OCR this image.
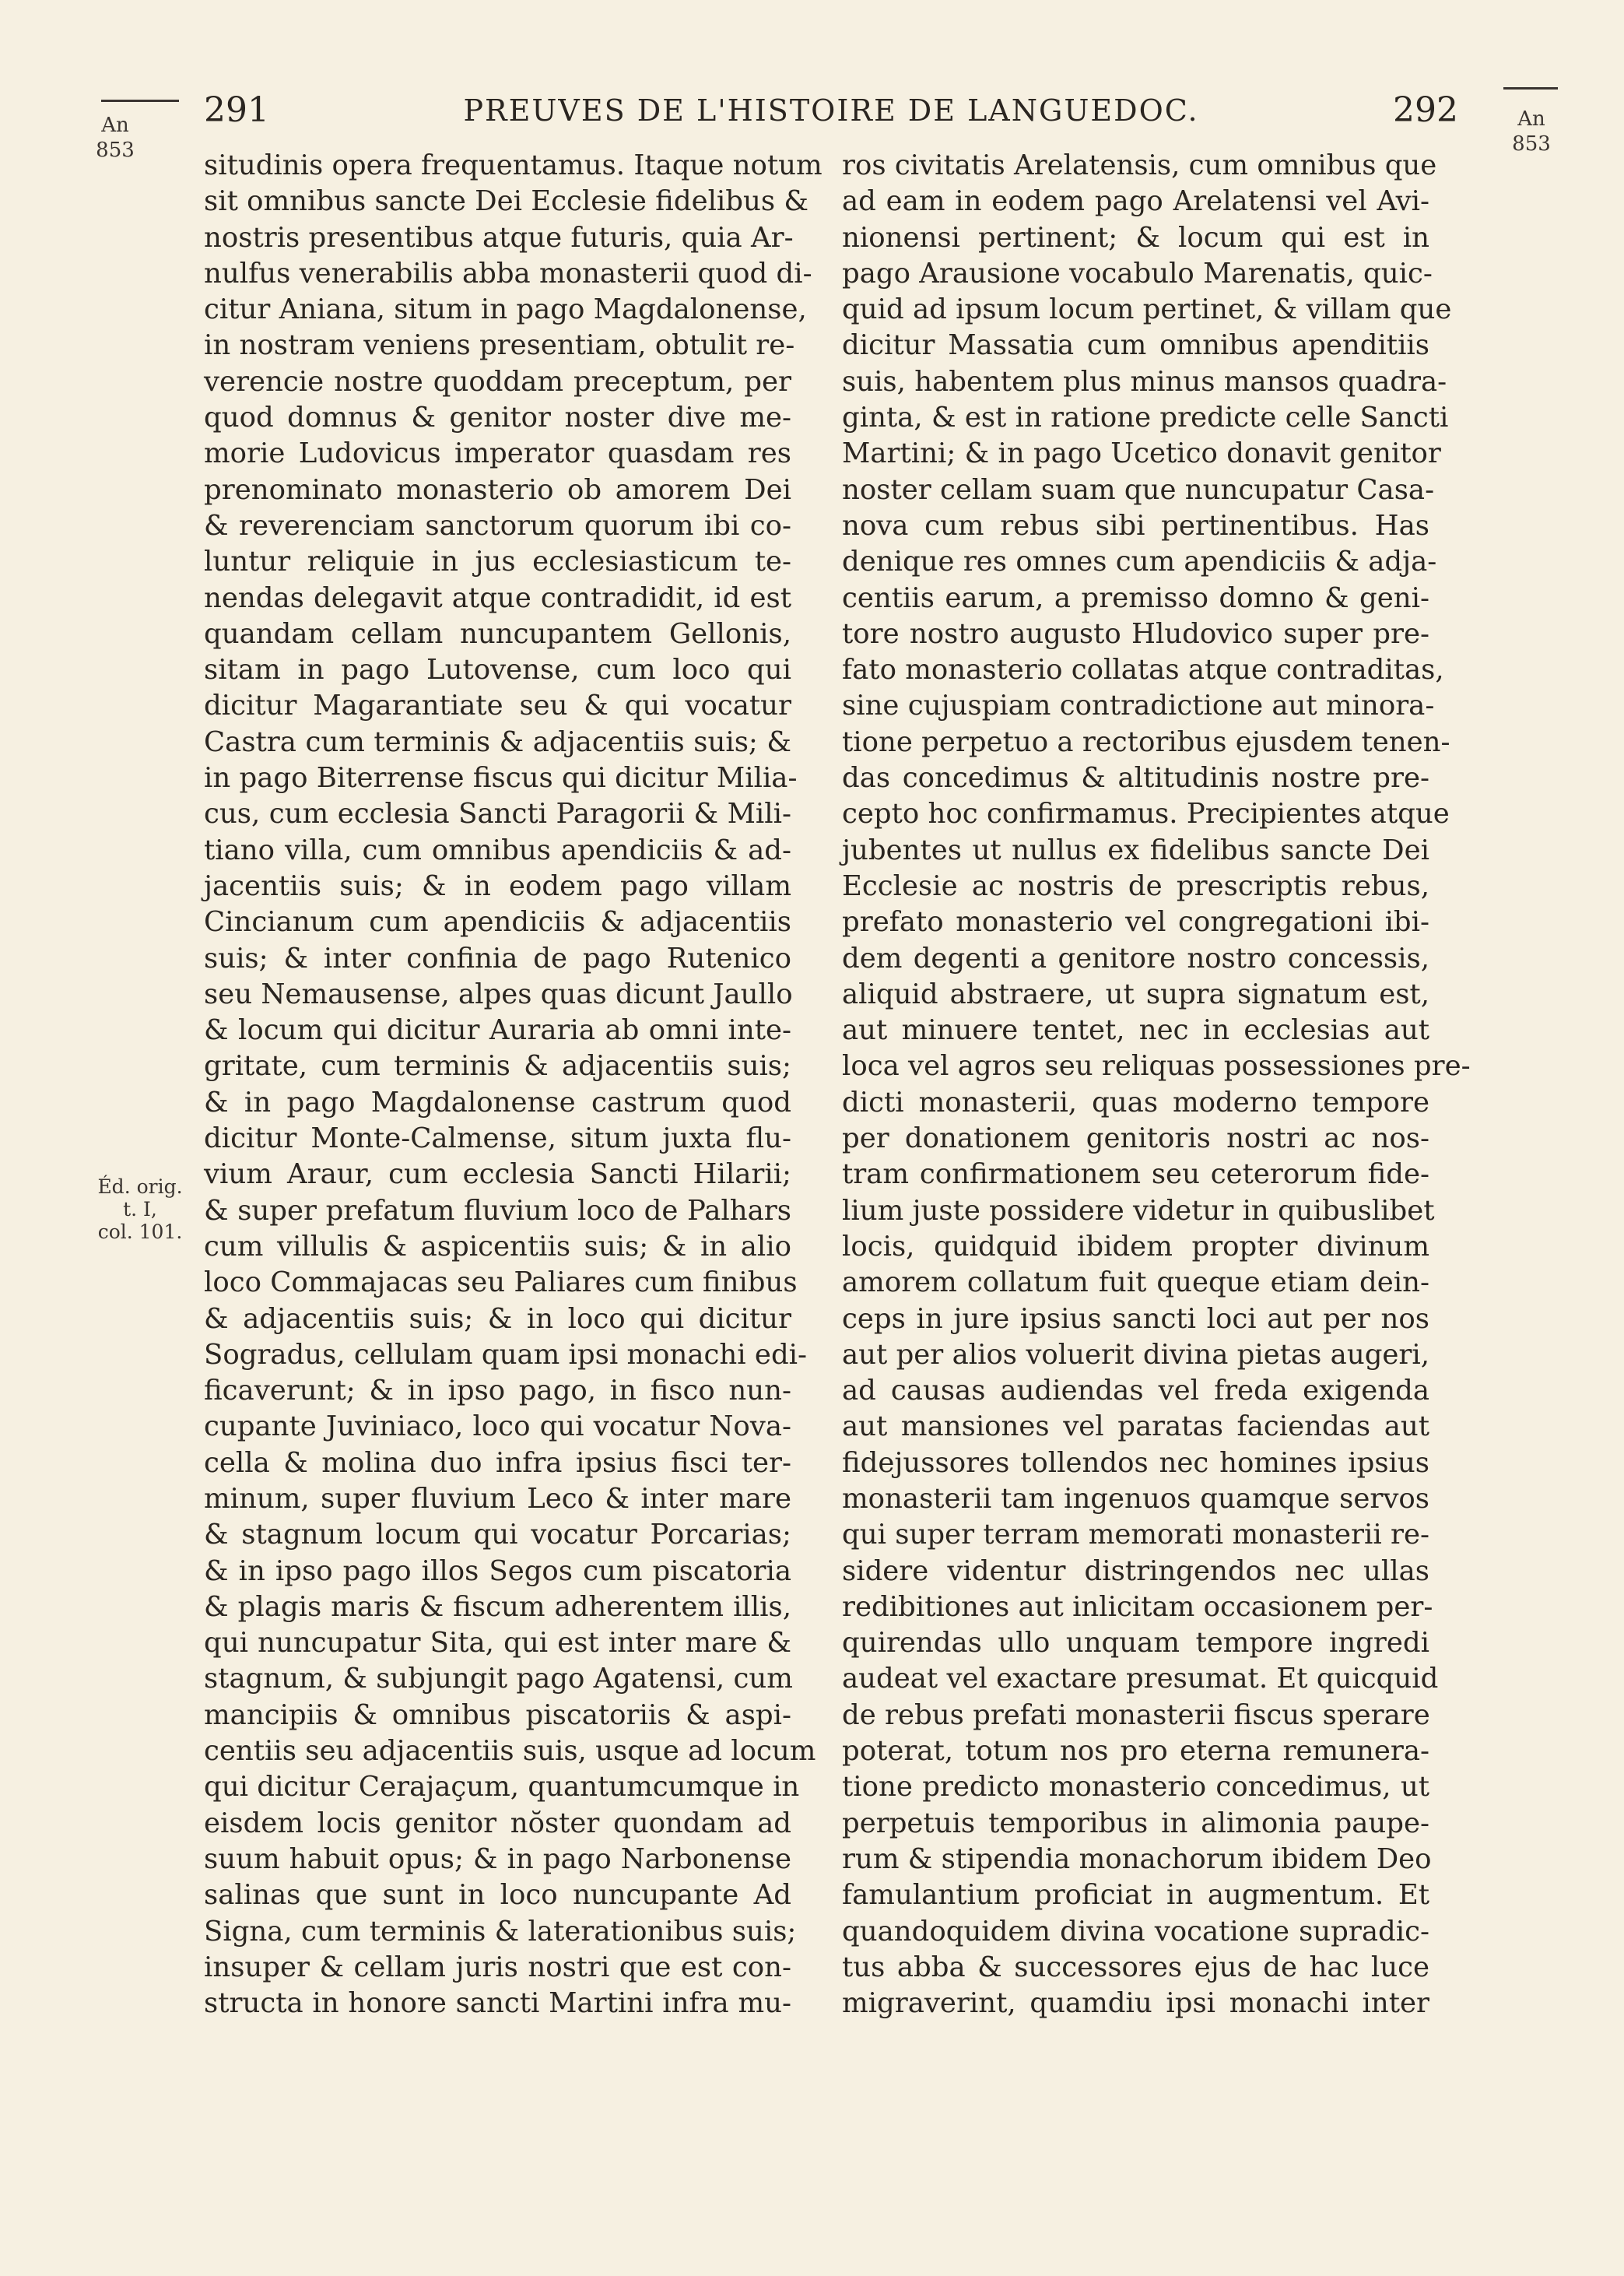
An
853
An
853
291	PREUVES DE L'HISTOIRE DE LANGUEDOC.	292
Éd. orig.
t. I,
col. 101.
situdinis opera frequentamus. Itaque notum
sit omnibus sancte Dei Ecclesie fidelibus &
nostris presentibus atque futuris, quia Ar-
nulfus venerabilis abba monasterii quod di-
citur Aniana, situm in pago Magdalonense,
in nostram veniens presentiam, obtulit re-
verencie nostre quoddam preceptum, per
quod domnus & genitor noster dive me-
morie Ludovicus imperator quasdam res
prenominato monasterio ob amorem Dei
& reverenciam sanctorum quorum ibi co-
luntur reliquie in jus ecclesiasticum te-
nendas delegavit atque contradidit, id est
quandam cellam nuncupantem Gellonis,
sitam in pago Lutovense, cum loco qui
dicitur Magarantiate seu & qui vocatur
Castra cum terminis & adjacentiis suis; &
in pago Biterrense fiscus qui dicitur Milia-
cus, cum ecclesia Sancti Paragorii & Mili-
tiano villa, cum omnibus apendiciis & ad-
jacentiis suis; & in eodem pago villam
Cincianum cum apendiciis & adjacentiis
suis; & inter confinia de pago Rutenico
seu Nemausense, alpes quas dicunt Jaullo
& locum qui dicitur Auraria ab omni inte-
gritate, cum terminis & adjacentiis suis;
& in pago Magdalonense castrum quod
dicitur Monte-Calmense, situm juxta flu-
vium Araur, cum ecclesia Sancti Hilarii;
& super prefatum fluvium loco de Palhars
cum villulis & aspicentiis suis; & in alio
loco Commajacas seu Paliares cum finibus
& adjacentiis suis; & in loco qui dicitur
Sogradus, cellulam quam ipsi monachi edi-
ficaverunt; & in ipso pago, in fisco nun-
cupante Juviniaco, loco qui vocatur Nova-
cella & molina duo infra ipsius fisci ter-
minum, super fluvium Leco & inter mare
& stagnum locum qui vocatur Porcarias;
& in ipso pago illos Segos cum piscatoria
& plagis maris & fiscum adherentem illis,
qui nuncupatur Sita, qui est inter mare &
stagnum, & subjungit pago Agatensi, cum
mancipiis & omnibus piscatoriis & aspi-
centiis seu adjacentiis suis, usque ad locum
qui dicitur Cerajaçum, quantumcumque in
eisdem locis genitor nŏster quondam ad
suum habuit opus; & in pago Narbonense
salinas que sunt in loco nuncupante Ad
Signa, cum terminis & laterationibus suis;
insuper & cellam juris nostri que est con-
structa in honore sancti Martini infra mu-
ros civitatis Arelatensis, cum omnibus que
ad eam in eodem pago Arelatensi vel Avi-
nionensi pertinent; & locum qui est in
pago Arausione vocabulo Marenatis, quic-
quid ad ipsum locum pertinet, & villam que
dicitur Massatia cum omnibus apenditiis
suis, habentem plus minus mansos quadra-
ginta, & est in ratione predicte celle Sancti
Martini; & in pago Ucetico donavit genitor
noster cellam suam que nuncupatur Casa-
nova cum rebus sibi pertinentibus. Has
denique res omnes cum apendiciis & adja-
centiis earum, a premisso domno & geni-
tore nostro augusto Hludovico super pre-
fato monasterio collatas atque contraditas,
sine cujuspiam contradictione aut minora-
tione perpetuo a rectoribus ejusdem tenen-
das concedimus & altitudinis nostre pre-
cepto hoc confirmamus. Precipientes atque
jubentes ut nullus ex fidelibus sancte Dei
Ecclesie ac nostris de prescriptis rebus,
prefato monasterio vel congregationi ibi-
dem degenti a genitore nostro concessis,
aliquid abstraere, ut supra signatum est,
aut minuere tentet, nec in ecclesias aut
loca vel agros seu reliquas possessiones pre-
dicti monasterii, quas moderno tempore
per donationem genitoris nostri ac nos-
tram confirmationem seu ceterorum fide-
lium juste possidere videtur in quibuslibet
locis, quidquid ibidem propter divinum
amorem collatum fuit queque etiam dein-
ceps in jure ipsius sancti loci aut per nos
aut per alios voluerit divina pietas augeri,
ad causas audiendas vel freda exigenda
aut mansiones vel paratas faciendas aut
fidejussores tollendos nec homines ipsius
monasterii tam ingenuos quamque servos
qui super terram memorati monasterii re-
sidere videntur distringendos nec ullas
redibitiones aut inlicitam occasionem per-
quirendas ullo unquam tempore ingredi
audeat vel exactare presumat. Et quicquid
de rebus prefati monasterii fiscus sperare
poterat, totum nos pro eterna remunera-
tione predicto monasterio concedimus, ut
perpetuis temporibus in alimonia paupe-
rum & stipendia monachorum ibidem Deo
famulantium proficiat in augmentum. Et
quandoquidem divina vocatione supradic-
tus abba & successores ejus de hac luce
migraverint, quamdiu ipsi monachi inter
